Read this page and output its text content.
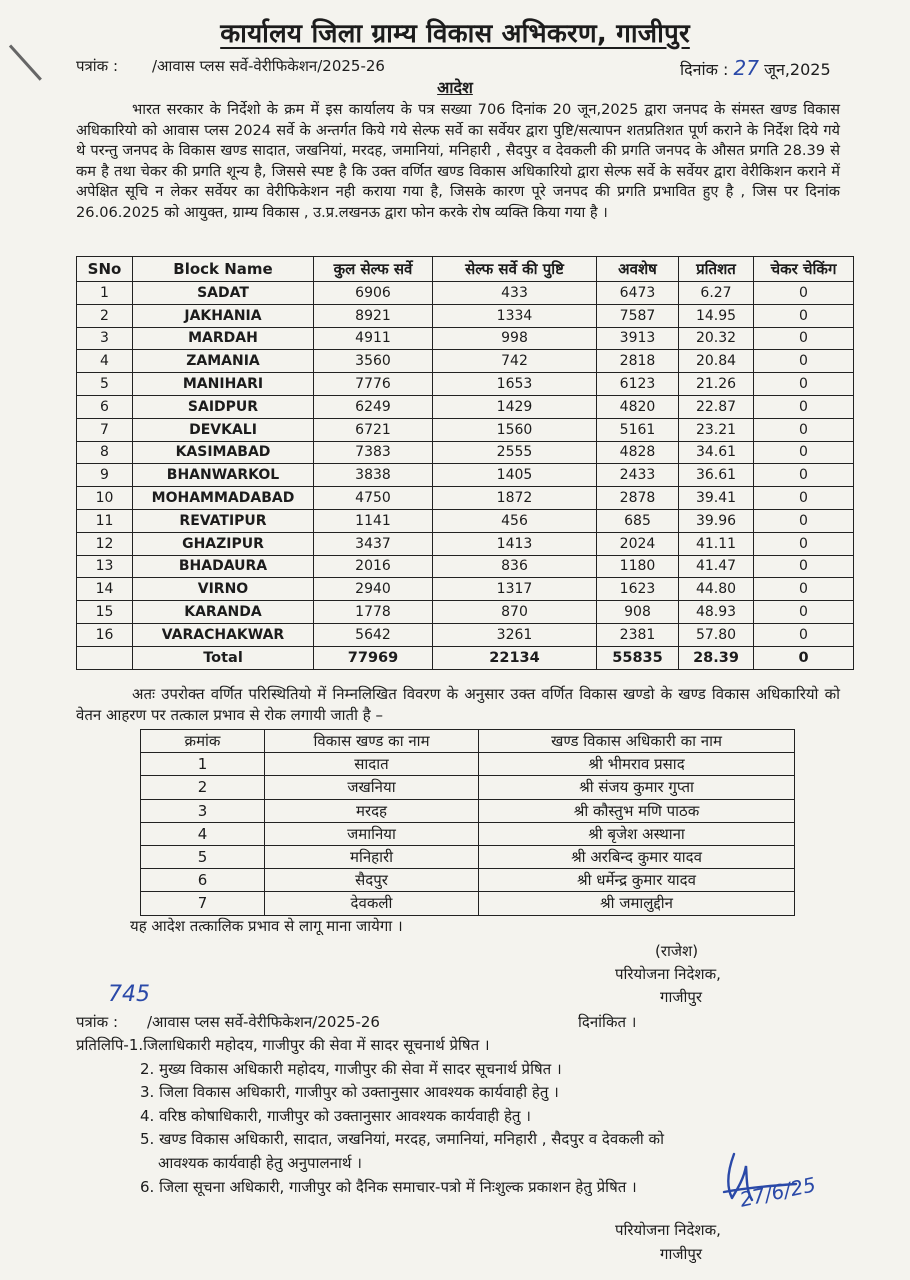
कार्यालय जिला ग्राम्य विकास अभिकरण, गाजीपुर
पत्रांक : /आवास प्लस सर्वे-वेरीफिकेशन/2025-26	दिनांक : 27 जून,2025
आदेश
भारत सरकार के निर्देशो के क्रम में इस कार्यालय के पत्र सख्या 706 दिनांक 20 जून,2025 द्वारा जनपद के संमस्त खण्ड विकास अधिकारियो को आवास प्लस 2024 सर्वे के अन्तर्गत किये गये सेल्फ सर्वे का सर्वेयर द्वारा पुष्टि/सत्यापन शतप्रतिशत पूर्ण कराने के निर्देश दिये गये थे परन्तु जनपद के विकास खण्ड सादात, जखनियां, मरदह, जमानियां, मनिहारी , सैदपुर व देवकली की प्रगति जनपद के औसत प्रगति 28.39 से कम है तथा चेकर की प्रगति शून्य है, जिससे स्पष्ट है कि उक्त वर्णित खण्ड विकास अधिकारियो द्वारा सेल्फ सर्वे के सर्वेयर द्वारा वेरीकिशन कराने में अपेक्षित सूचि न लेकर सर्वेयर का वेरीफिकेशन नही कराया गया है, जिसके कारण पूरे जनपद की प्रगति प्रभावित हुए है , जिस पर दिनांक 26.06.2025 को आयुक्त, ग्राम्य विकास , उ.प्र.लखनऊ द्वारा फोन करके रोष व्यक्ति किया गया है ।
SNo	Block Name	कुल सेल्फ सर्वे	सेल्फ सर्वे की पुष्टि	अवशेष	प्रतिशत	चेकर चेकिंग
1	SADAT	6906	433	6473	6.27	0
2	JAKHANIA	8921	1334	7587	14.95	0
3	MARDAH	4911	998	3913	20.32	0
4	ZAMANIA	3560	742	2818	20.84	0
5	MANIHARI	7776	1653	6123	21.26	0
6	SAIDPUR	6249	1429	4820	22.87	0
7	DEVKALI	6721	1560	5161	23.21	0
8	KASIMABAD	7383	2555	4828	34.61	0
9	BHANWARKOL	3838	1405	2433	36.61	0
10	MOHAMMADABAD	4750	1872	2878	39.41	0
11	REVATIPUR	1141	456	685	39.96	0
12	GHAZIPUR	3437	1413	2024	41.11	0
13	BHADAURA	2016	836	1180	41.47	0
14	VIRNO	2940	1317	1623	44.80	0
15	KARANDA	1778	870	908	48.93	0
16	VARACHAKWAR	5642	3261	2381	57.80	0
	Total	77969	22134	55835	28.39	0
अतः उपरोक्त वर्णित परिस्थितियो में निम्नलिखित विवरण के अनुसार उक्त वर्णित विकास खण्डो के खण्ड विकास अधिकारियो को वेतन आहरण पर तत्काल प्रभाव से रोक लगायी जाती है –
क्रमांक	विकास खण्ड का नाम	खण्ड विकास अधिकारी का नाम
1	सादात	श्री भीमराव प्रसाद
2	जखनिया	श्री संजय कुमार गुप्ता
3	मरदह	श्री कौस्तुभ मणि पाठक
4	जमानिया	श्री बृजेश अस्थाना
5	मनिहारी	श्री अरबिन्द कुमार यादव
6	सैदपुर	श्री धर्मेन्द्र कुमार यादव
7	देवकली	श्री जमालुद्दीन
यह आदेश तत्कालिक प्रभाव से लागू माना जायेगा ।
(राजेश)
परियोजना निदेशक,
गाजीपुर
745
पत्रांक : /आवास प्लस सर्वे-वेरीफिकेशन/2025-26	दिनांकित ।
प्रतिलिपि-1.जिलाधिकारी महोदय, गाजीपुर की सेवा में सादर सूचनार्थ प्रेषित ।
2. मुख्य विकास अधिकारी महोदय, गाजीपुर की सेवा में सादर सूचनार्थ प्रेषित ।
3. जिला विकास अधिकारी, गाजीपुर को उक्तानुसार आवश्यक कार्यवाही हेतु ।
4. वरिष्ठ कोषाधिकारी, गाजीपुर को उक्तानुसार आवश्यक कार्यवाही हेतु ।
5. खण्ड विकास अधिकारी, सादात, जखनियां, मरदह, जमानियां, मनिहारी , सैदपुर व देवकली को
आवश्यक कार्यवाही हेतु अनुपालनार्थ ।
6. जिला सूचना अधिकारी, गाजीपुर को दैनिक समाचार-पत्रो में निःशुल्क प्रकाशन हेतु प्रेषित ।	27/6/25
परियोजना निदेशक,
गाजीपुर
